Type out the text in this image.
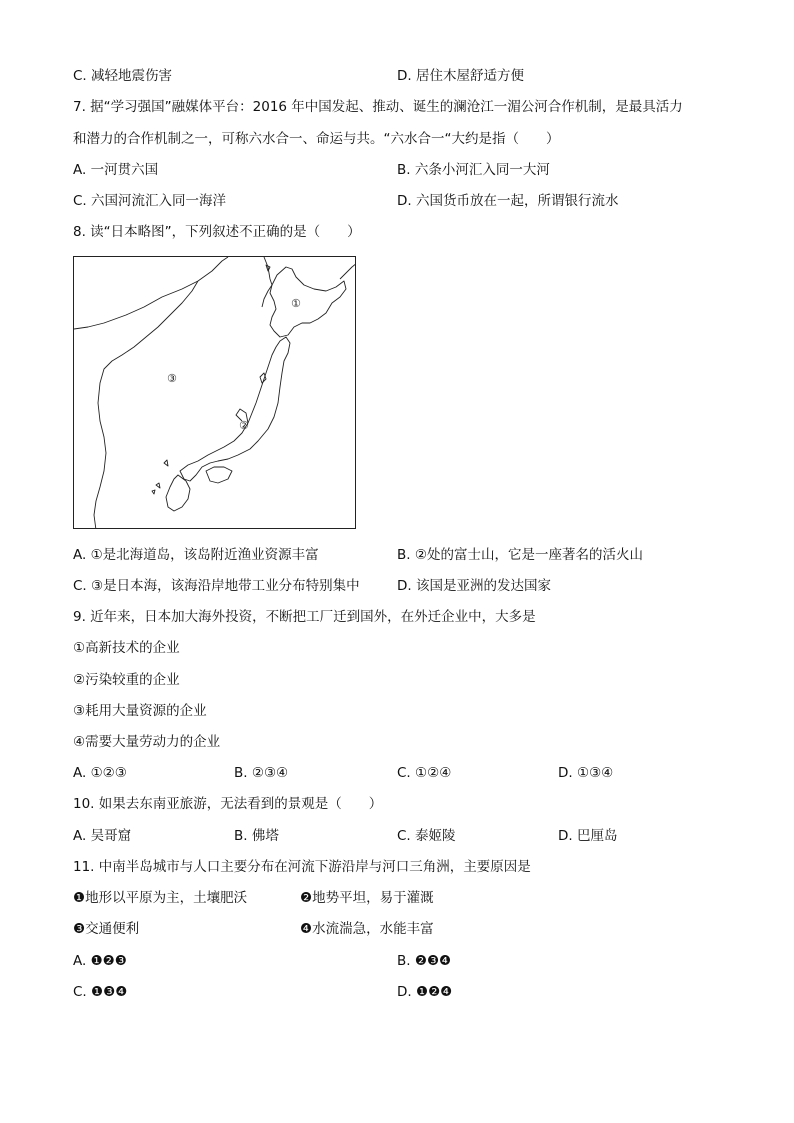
C. 减轻地震伤害	D. 居住木屋舒适方便
7. 据“学习强国”融媒体平台：2016 年中国发起、推动、诞生的澜沧江一湄公河合作机制，是最具活力
和潜力的合作机制之一，可称六水合一、命运与共。“六水合一“大约是指（　　）
A. 一河贯六国	B. 六条小河汇入同一大河
C. 六国河流汇入同一海洋	D. 六国货币放在一起，所谓银行流水
8. 读“日本略图”，下列叙述不正确的是（　　）
①
②
③
A. ①是北海道岛，该岛附近渔业资源丰富	B. ②处的富士山，它是一座著名的活火山
C. ③是日本海，该海沿岸地带工业分布特别集中	D. 该国是亚洲的发达国家
9. 近年来，日本加大海外投资，不断把工厂迁到国外，在外迁企业中，大多是
①高新技术的企业
②污染较重的企业
③耗用大量资源的企业
④需要大量劳动力的企业
A. ①②③	B. ②③④	C. ①②④	D. ①③④
10. 如果去东南亚旅游，无法看到的景观是（　　）
A. 吴哥窟	B. 佛塔	C. 泰姬陵	D. 巴厘岛
11. 中南半岛城市与人口主要分布在河流下游沿岸与河口三角洲，主要原因是
❶地形以平原为主，土壤肥沃	❷地势平坦，易于灌溉
❸交通便利	❹水流湍急，水能丰富
A. ❶❷❸	B. ❷❸❹
C. ❶❸❹	D. ❶❷❹
